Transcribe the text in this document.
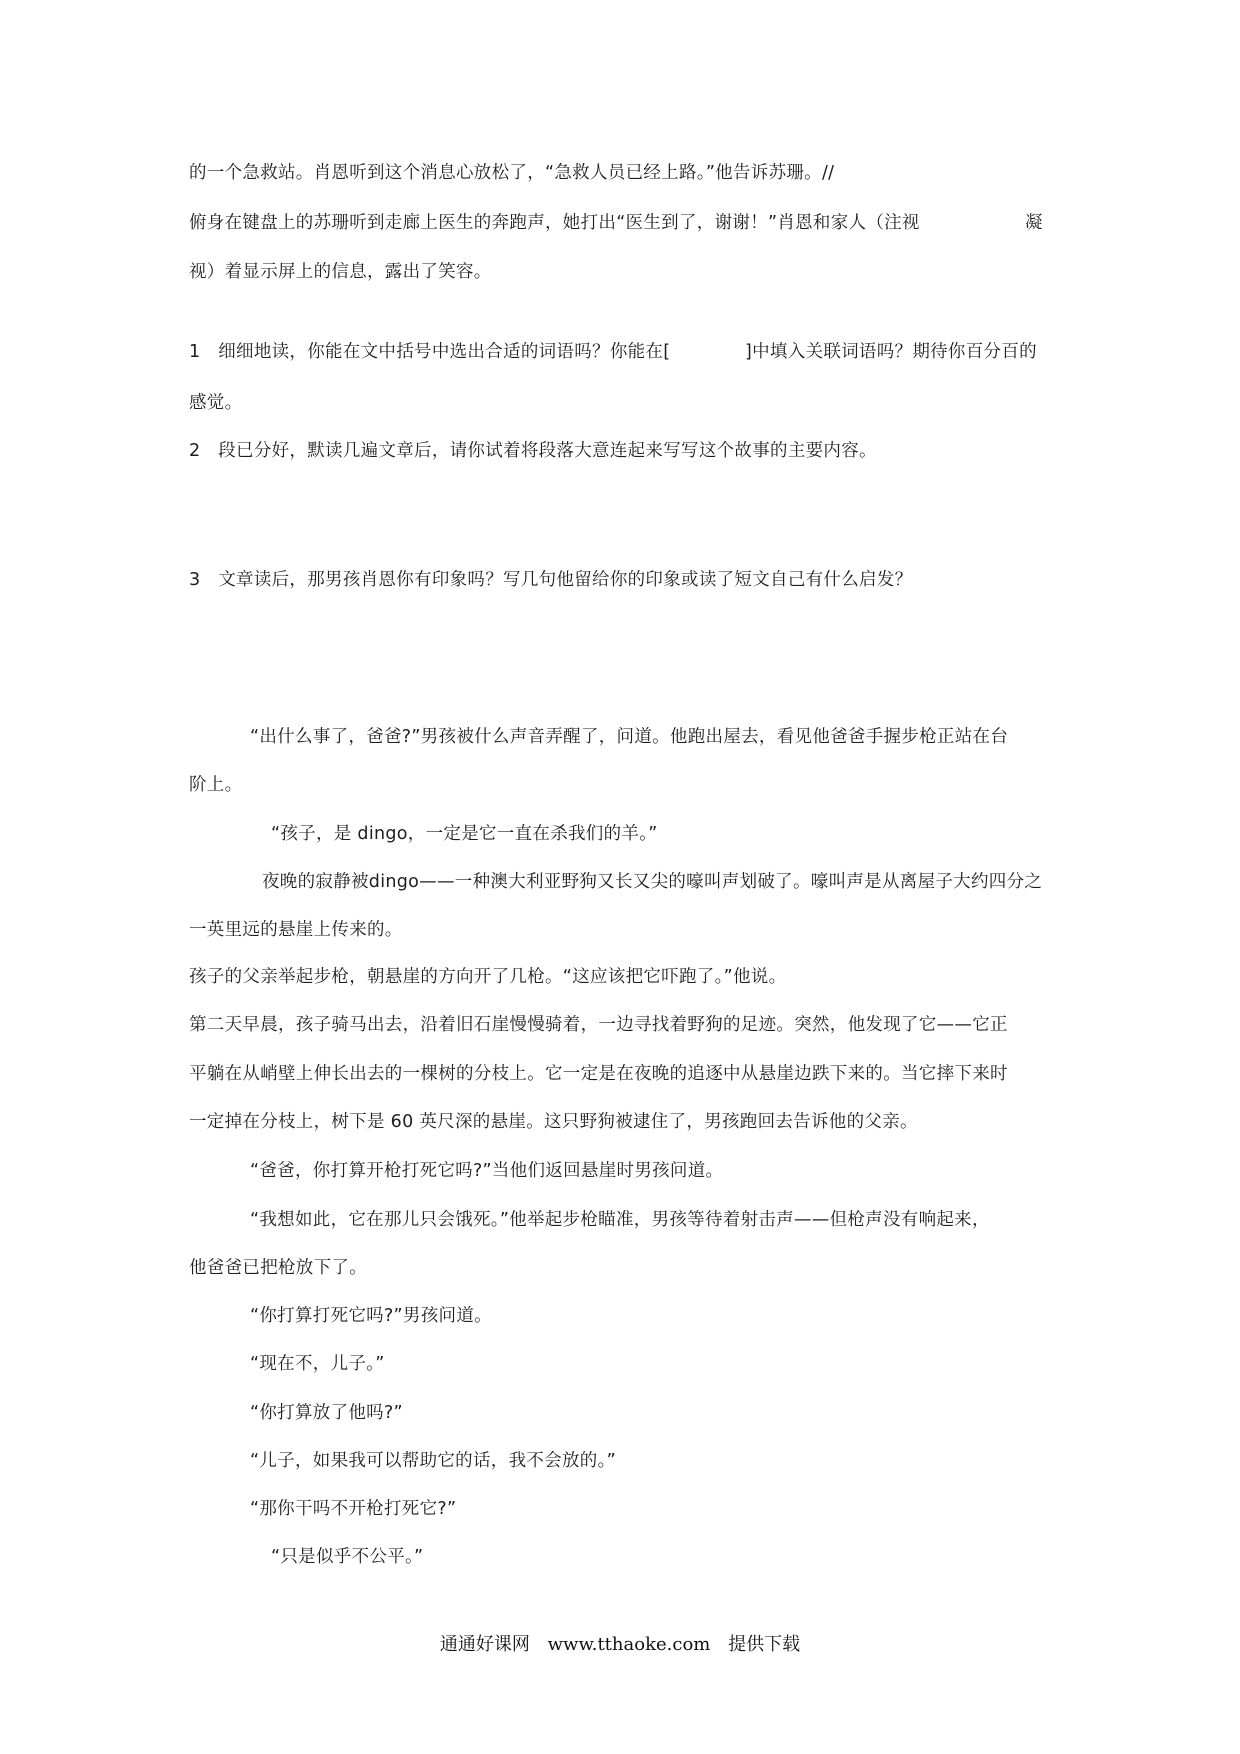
的一个急救站。肖恩听到这个消息心放松了，“急救人员已经上路。”他告诉苏珊。//
俯身在键盘上的苏珊听到走廊上医生的奔跑声，她打出“医生到了，谢谢！”肖恩和家人（注视	凝
视）着显示屏上的信息，露出了笑容。
1　细细地读，你能在文中括号中选出合适的词语吗？你能在[	]中填入关联词语吗？期待你百分百的
感觉。
2　段已分好，默读几遍文章后，请你试着将段落大意连起来写写这个故事的主要内容。
3　文章读后，那男孩肖恩你有印象吗？写几句他留给你的印象或读了短文自己有什么启发？
“出什么事了，爸爸?”男孩被什么声音弄醒了，问道。他跑出屋去，看见他爸爸手握步枪正站在台
阶上。
“孩子，是 dingo，一定是它一直在杀我们的羊。”
夜晚的寂静被dingo——一种澳大利亚野狗又长又尖的嚎叫声划破了。嚎叫声是从离屋子大约四分之
一英里远的悬崖上传来的。
孩子的父亲举起步枪，朝悬崖的方向开了几枪。“这应该把它吓跑了。”他说。
第二天早晨，孩子骑马出去，沿着旧石崖慢慢骑着，一边寻找着野狗的足迹。突然，他发现了它——它正
平躺在从峭壁上伸长出去的一棵树的分枝上。它一定是在夜晚的追逐中从悬崖边跌下来的。当它摔下来时
一定掉在分枝上，树下是 60 英尺深的悬崖。这只野狗被逮住了，男孩跑回去告诉他的父亲。
“爸爸，你打算开枪打死它吗?”当他们返回悬崖时男孩问道。
“我想如此，它在那儿只会饿死。”他举起步枪瞄准，男孩等待着射击声——但枪声没有响起来，
他爸爸已把枪放下了。
“你打算打死它吗?”男孩问道。
“现在不，儿子。”
“你打算放了他吗?”
“儿子，如果我可以帮助它的话，我不会放的。”
“那你干吗不开枪打死它?”
“只是似乎不公平。”
通通好课网 www.tthaoke.com 提供下载
